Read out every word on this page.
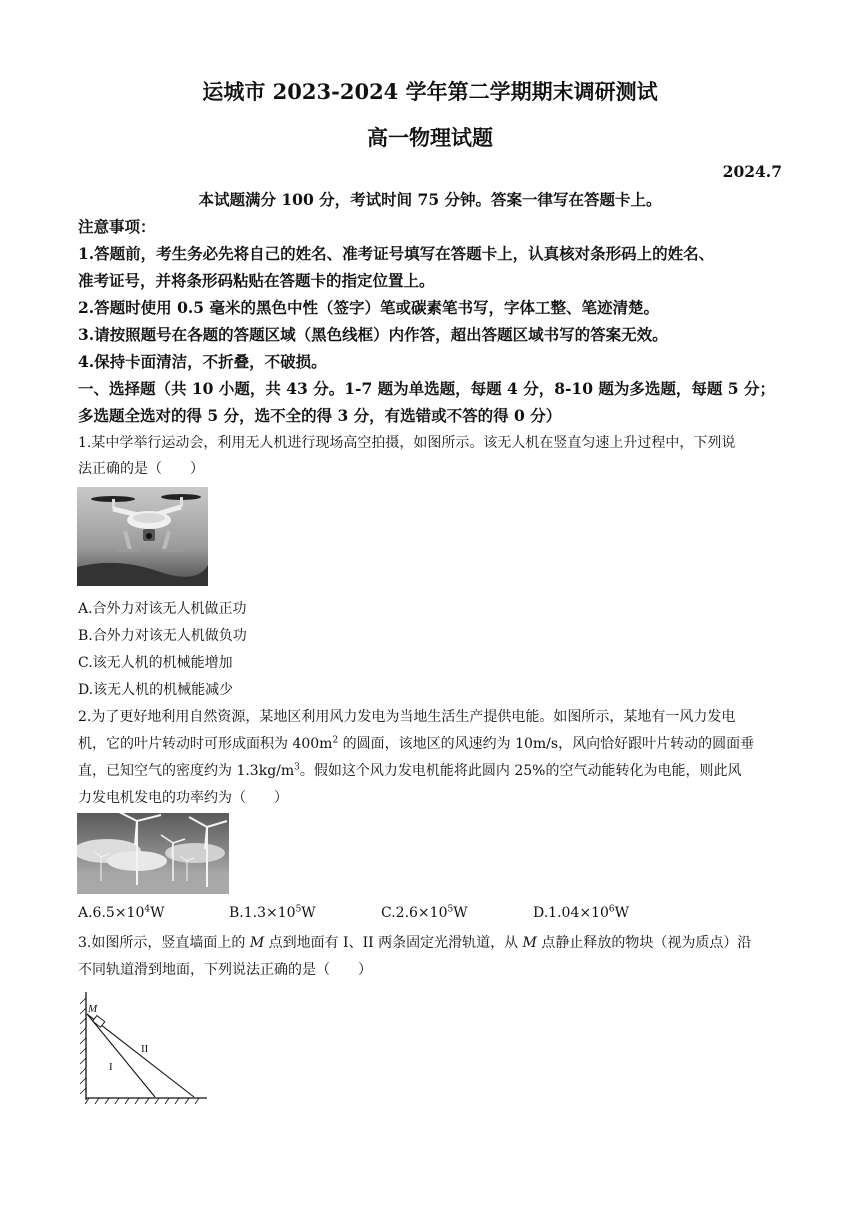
运城市 2023-2024 学年第二学期期末调研测试
高一物理试题
2024.7
本试题满分 100 分，考试时间 75 分钟。答案一律写在答题卡上。
注意事项：
1.答题前，考生务必先将自己的姓名、准考证号填写在答题卡上，认真核对条形码上的姓名、
准考证号，并将条形码粘贴在答题卡的指定位置上。
2.答题时使用 0.5 毫米的黑色中性（签字）笔或碳素笔书写，字体工整、笔迹清楚。
3.请按照题号在各题的答题区域（黑色线框）内作答，超出答题区域书写的答案无效。
4.保持卡面清洁，不折叠，不破损。
一、选择题（共 10 小题，共 43 分。1-7 题为单选题，每题 4 分，8-10 题为多选题，每题 5 分；
多选题全选对的得 5 分，选不全的得 3 分，有选错或不答的得 0 分）
1.某中学举行运动会，利用无人机进行现场高空拍摄，如图所示。该无人机在竖直匀速上升过程中，下列说
法正确的是（　　）
A.合外力对该无人机做正功
B.合外力对该无人机做负功
C.该无人机的机械能增加
D.该无人机的机械能减少
2.为了更好地利用自然资源，某地区利用风力发电为当地生活生产提供电能。如图所示，某地有一风力发电
机，它的叶片转动时可形成面积为 $400m^2$ 的圆面，该地区的风速约为 10m/s，风向恰好跟叶片转动的圆面垂
直，已知空气的密度约为 $1.3kg/m^3$。假如这个风力发电机能将此圆内 25%的空气动能转化为电能，则此风
力发电机发电的功率约为（　　）
$A.6.5\times 10^4W$	$B.1.3\times 10^5W$	$C.2.6\times 10^5W$	$D.1.04\times 10^6W$
3.如图所示，竖直墙面上的 M 点到地面有 I、II 两条固定光滑轨道，从 M 点静止释放的物块（视为质点）沿
不同轨道滑到地面，下列说法正确的是（　　）
M
I
II
